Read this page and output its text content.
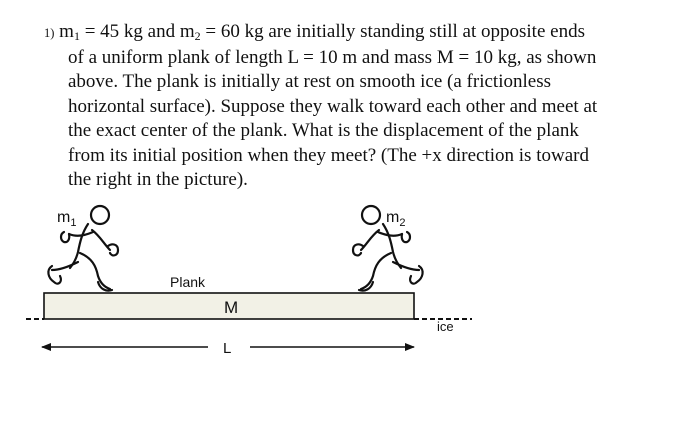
1) $m_1 = 45$ kg and $m_2 = 60$ kg are initially standing still at opposite ends
of a uniform plank of length L = 10 m and mass M = 10 kg, as shown
above. The plank is initially at rest on smooth ice (a frictionless
horizontal surface). Suppose they walk toward each other and meet at
the exact center of the plank. What is the displacement of the plank
from its initial position when they meet? (The +x direction is toward
the right in the picture).
Plank
M
ice
$m_1$	$m_2$
L
